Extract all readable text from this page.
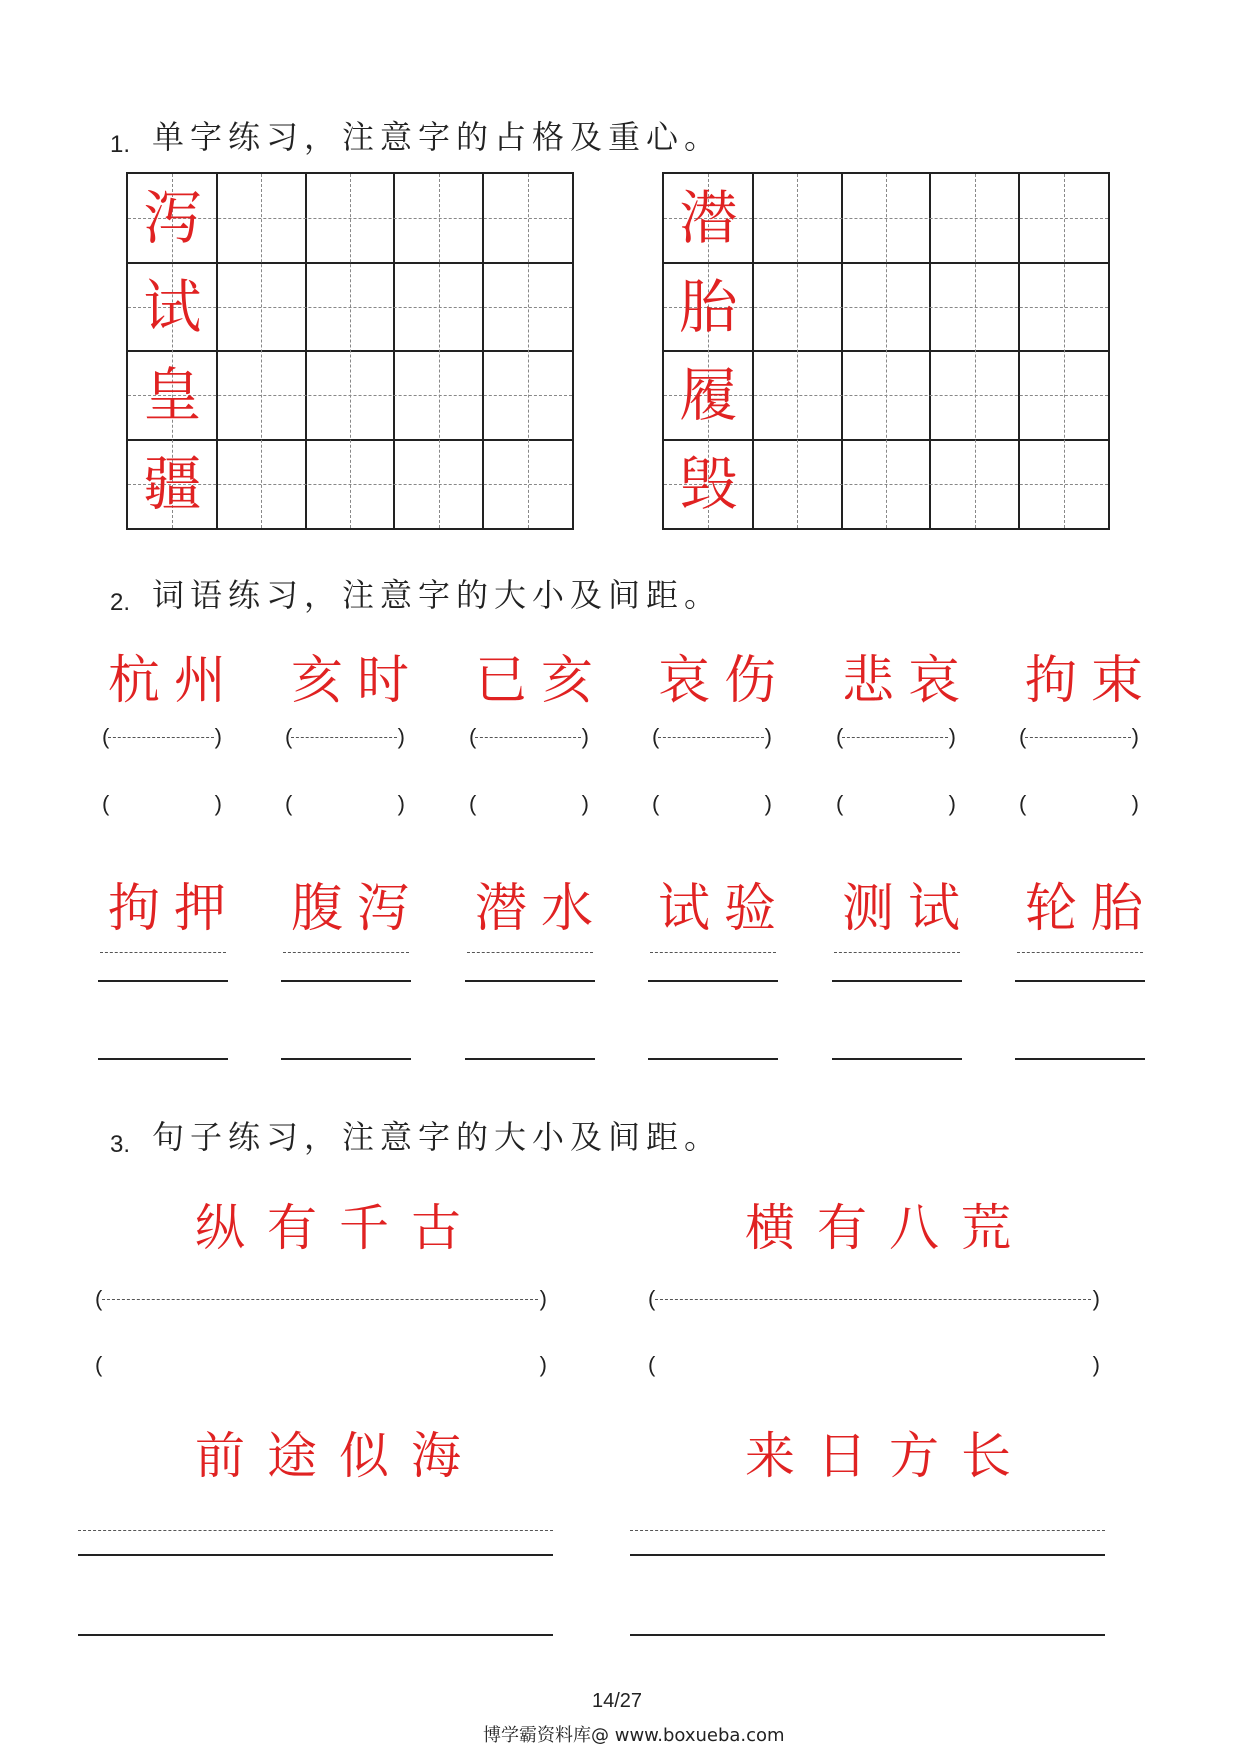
1. 单字练习，注意字的占格及重心。
泻
试
皇
疆
潜
胎
履
毁
2. 词语练习，注意字的大小及间距。
杭州 亥时 已亥 哀伤 悲哀 拘束
(	)
(	)
(	)
(	)
(	)
(	)
(	)
(	)
(	)
(	)
(	)
(	)
拘押 腹泻 潜水 试验 测试 轮胎
3. 句子练习，注意字的大小及间距。
纵有千古	横有八荒
(	)
(	)
(	)
(	)
前途似海	来日方长
14/27
博学霸资料库@ www.boxueba.com
